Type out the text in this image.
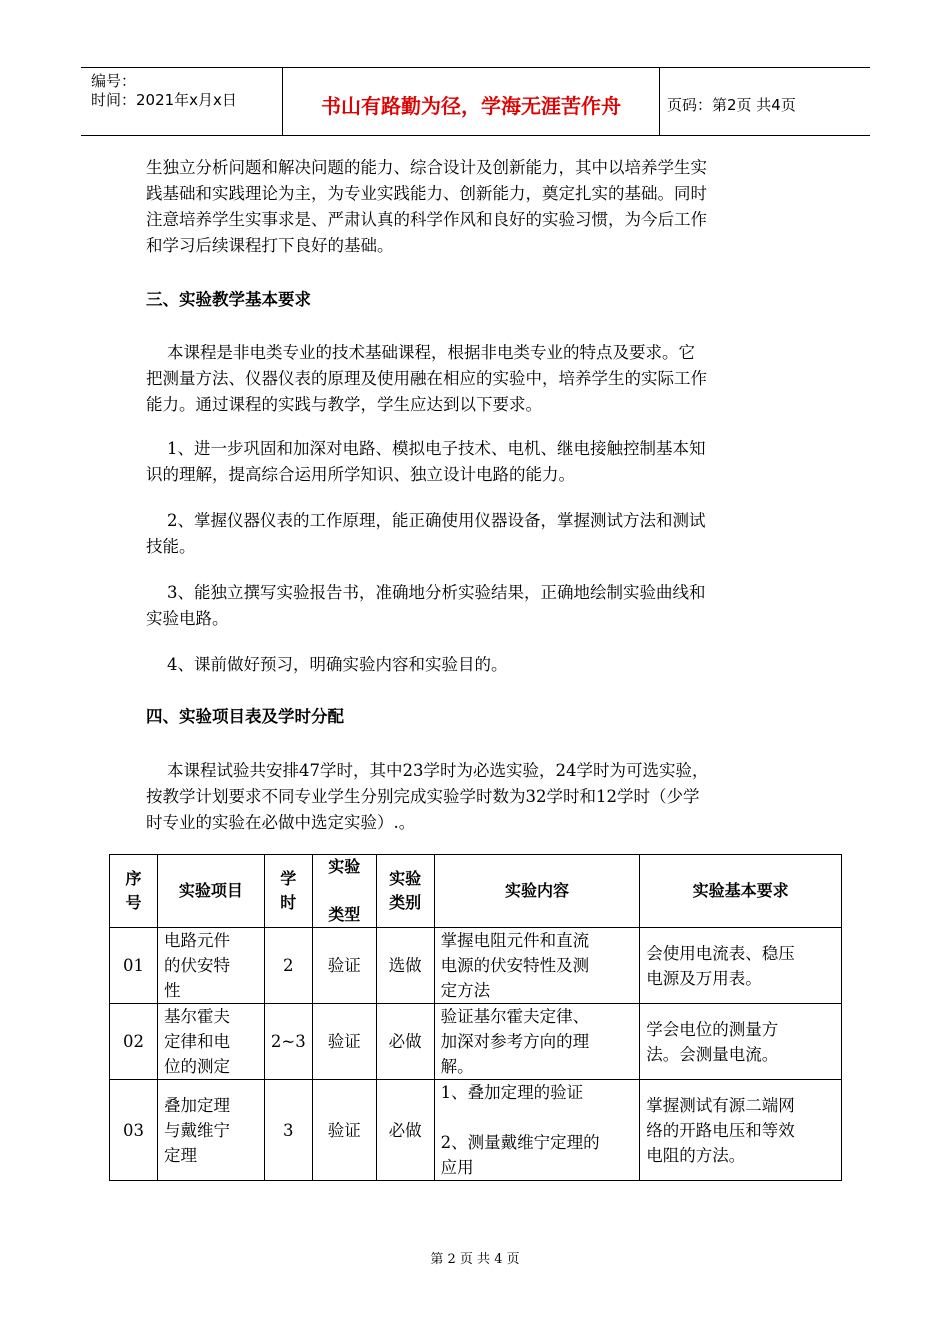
编号：
时间：2021年x月x日	书山有路勤为径，学海无涯苦作舟	页码：第2页 共4页
生独立分析问题和解决问题的能力、综合设计及创新能力，其中以培养学生实
践基础和实践理论为主，为专业实践能力、创新能力，奠定扎实的基础。同时
注意培养学生实事求是、严肃认真的科学作风和良好的实验习惯，为今后工作
和学习后续课程打下良好的基础。
三、实验教学基本要求
本课程是非电类专业的技术基础课程，根据非电类专业的特点及要求。它
把测量方法、仪器仪表的原理及使用融在相应的实验中，培养学生的实际工作
能力。通过课程的实践与教学，学生应达到以下要求。
1、进一步巩固和加深对电路、模拟电子技术、电机、继电接触控制基本知
识的理解，提高综合运用所学知识、独立设计电路的能力。
2、掌握仪器仪表的工作原理，能正确使用仪器设备，掌握测试方法和测试
技能。
3、能独立撰写实验报告书，准确地分析实验结果，正确地绘制实验曲线和
实验电路。
4、课前做好预习，明确实验内容和实验目的。
四、实验项目表及学时分配
本课程试验共安排47学时，其中23学时为必选实验，24学时为可选实验，
按教学计划要求不同专业学生分别完成实验学时数为32学时和12学时（少学
时专业的实验在必做中选定实验）.。
序
号	实验项目	学
时	实验

类型	实验
类别	实验内容	实验基本要求
01	电路元件
的伏安特
性	2	验证	选做	掌握电阻元件和直流
电源的伏安特性及测
定方法	会使用电流表、稳压
电源及万用表。
02	基尔霍夫
定律和电
位的测定	2~3	验证	必做	验证基尔霍夫定律、
加深对参考方向的理
解。	学会电位的测量方
法。会测量电流。
03	叠加定理
与戴维宁
定理	3	验证	必做	1、叠加定理的验证

2、测量戴维宁定理的
应用	掌握测试有源二端网
络的开路电压和等效
电阻的方法。
第 2 页 共 4 页
